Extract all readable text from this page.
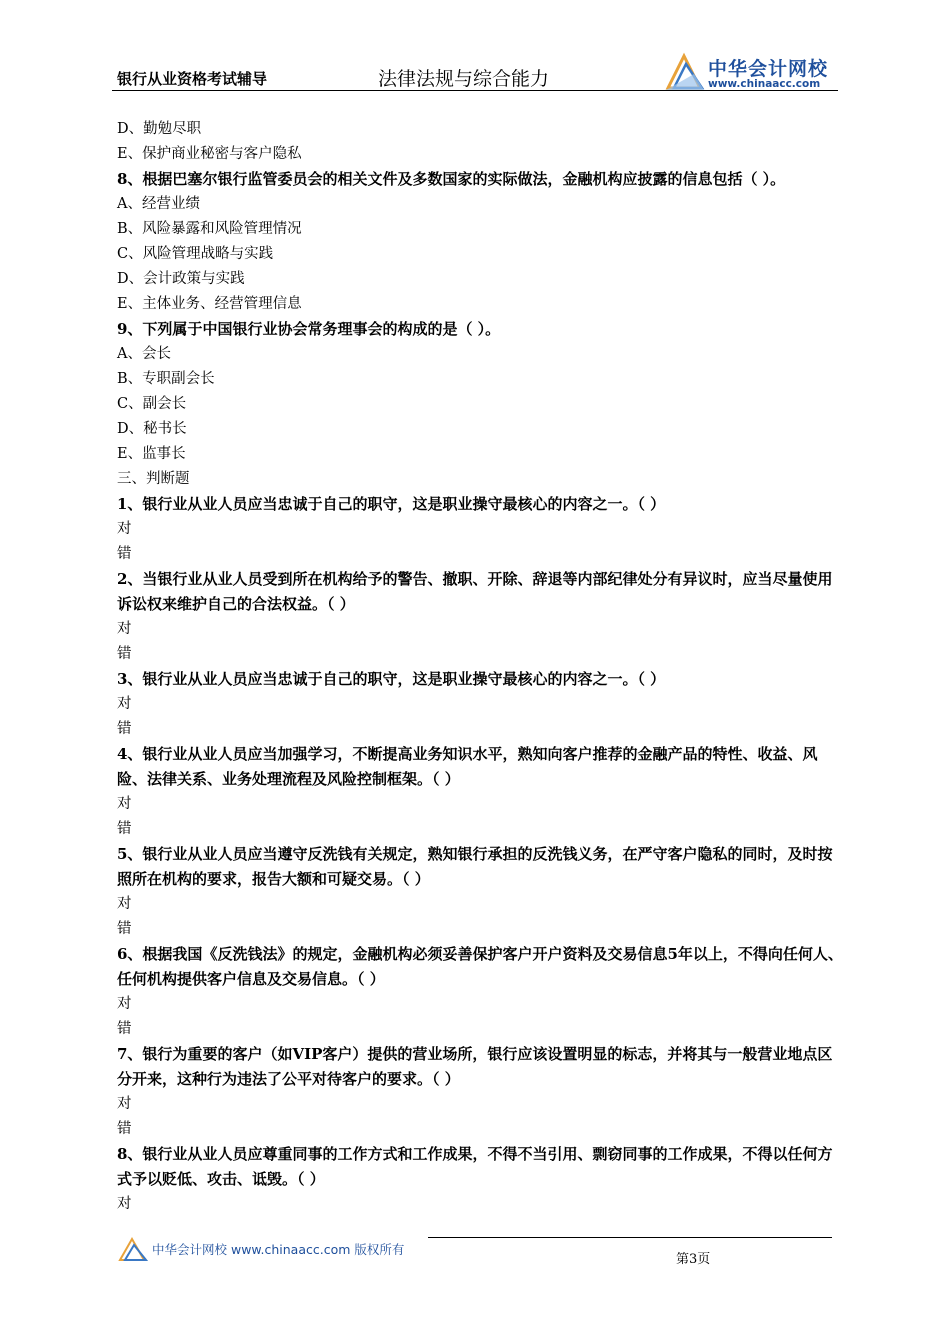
银行从业资格考试辅导	法律法规与综合能力	中华会计网校
www.chinaacc.com
D、勤勉尽职
E、保护商业秘密与客户隐私
8、根据巴塞尔银行监管委员会的相关文件及多数国家的实际做法，金融机构应披露的信息包括（ ）。
A、经营业绩
B、风险暴露和风险管理情况
C、风险管理战略与实践
D、会计政策与实践
E、主体业务、经营管理信息
9、下列属于中国银行业协会常务理事会的构成的是（ ）。
A、会长
B、专职副会长
C、副会长
D、秘书长
E、监事长
三、判断题
1、银行业从业人员应当忠诚于自己的职守，这是职业操守最核心的内容之一。（ ）
对
错
2、当银行业从业人员受到所在机构给予的警告、撤职、开除、辞退等内部纪律处分有异议时，应当尽量使用诉讼权来维护自己的合法权益。（ ）
对
错
3、银行业从业人员应当忠诚于自己的职守，这是职业操守最核心的内容之一。（ ）
对
错
4、银行业从业人员应当加强学习，不断提高业务知识水平，熟知向客户推荐的金融产品的特性、收益、风险、法律关系、业务处理流程及风险控制框架。（ ）
对
错
5、银行业从业人员应当遵守反洗钱有关规定，熟知银行承担的反洗钱义务，在严守客户隐私的同时，及时按照所在机构的要求，报告大额和可疑交易。（ ）
对
错
6、根据我国《反洗钱法》的规定，金融机构必须妥善保护客户开户资料及交易信息5年以上，不得向任何人、任何机构提供客户信息及交易信息。（ ）
对
错
7、银行为重要的客户（如VIP客户）提供的营业场所，银行应该设置明显的标志，并将其与一般营业地点区分开来，这种行为违法了公平对待客户的要求。（ ）
对
错
8、银行业从业人员应尊重同事的工作方式和工作成果，不得不当引用、剽窃同事的工作成果，不得以任何方式予以贬低、攻击、诋毁。（ ）
对
中华会计网校 www.chinaacc.com 版权所有
第3页
